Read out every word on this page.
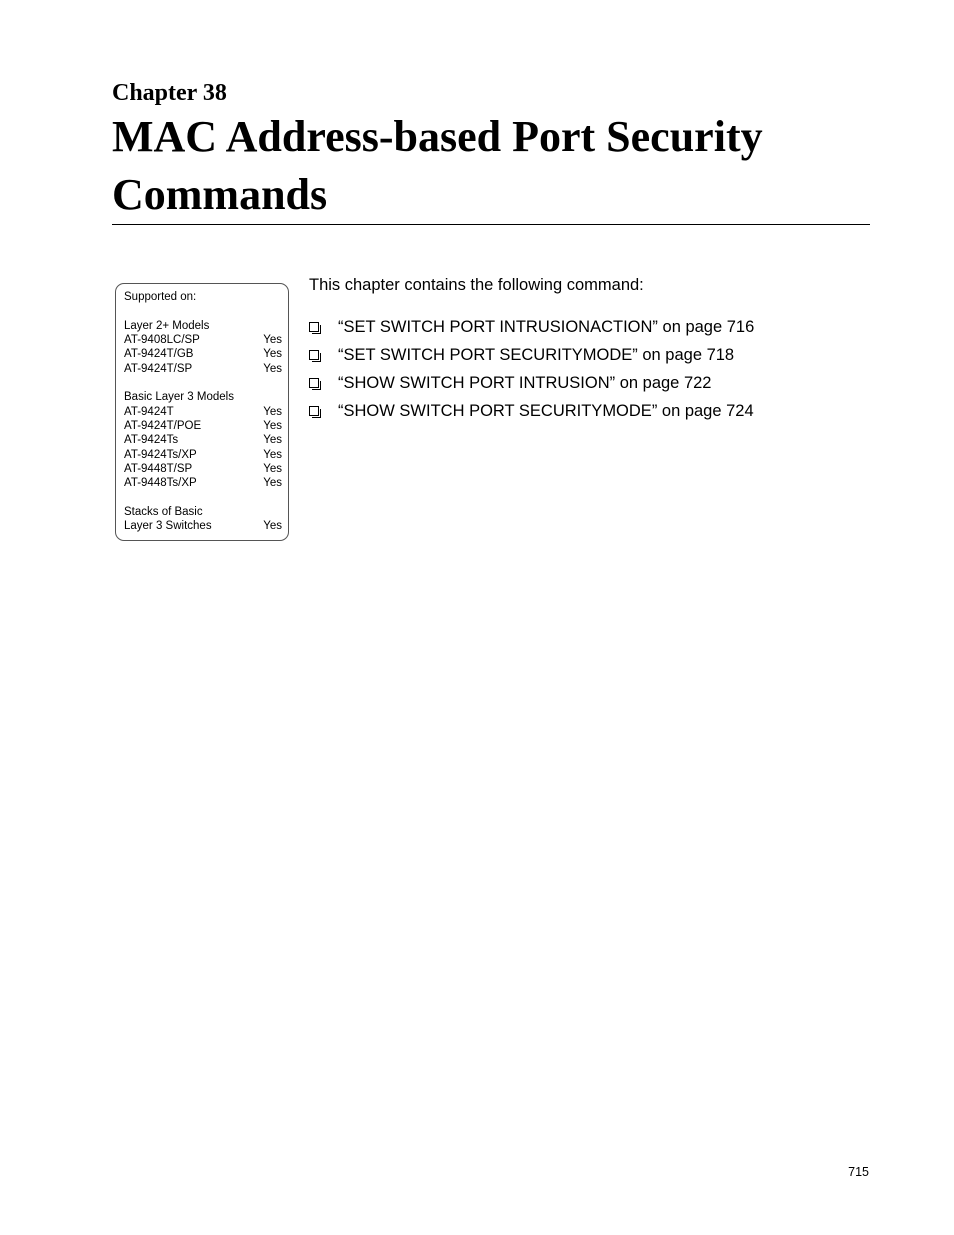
Chapter 38
MAC Address-based Port Security Commands
Supported on:
Layer 2+ Models
AT-9408LC/SP	Yes
AT-9424T/GB	Yes
AT-9424T/SP	Yes
Basic Layer 3 Models
AT-9424T	Yes
AT-9424T/POE	Yes
AT-9424Ts	Yes
AT-9424Ts/XP	Yes
AT-9448T/SP	Yes
AT-9448Ts/XP	Yes
Stacks of Basic
Layer 3 Switches	Yes
This chapter contains the following command:
“SET SWITCH PORT INTRUSIONACTION” on page 716
“SET SWITCH PORT SECURITYMODE” on page 718
“SHOW SWITCH PORT INTRUSION” on page 722
“SHOW SWITCH PORT SECURITYMODE” on page 724
715
